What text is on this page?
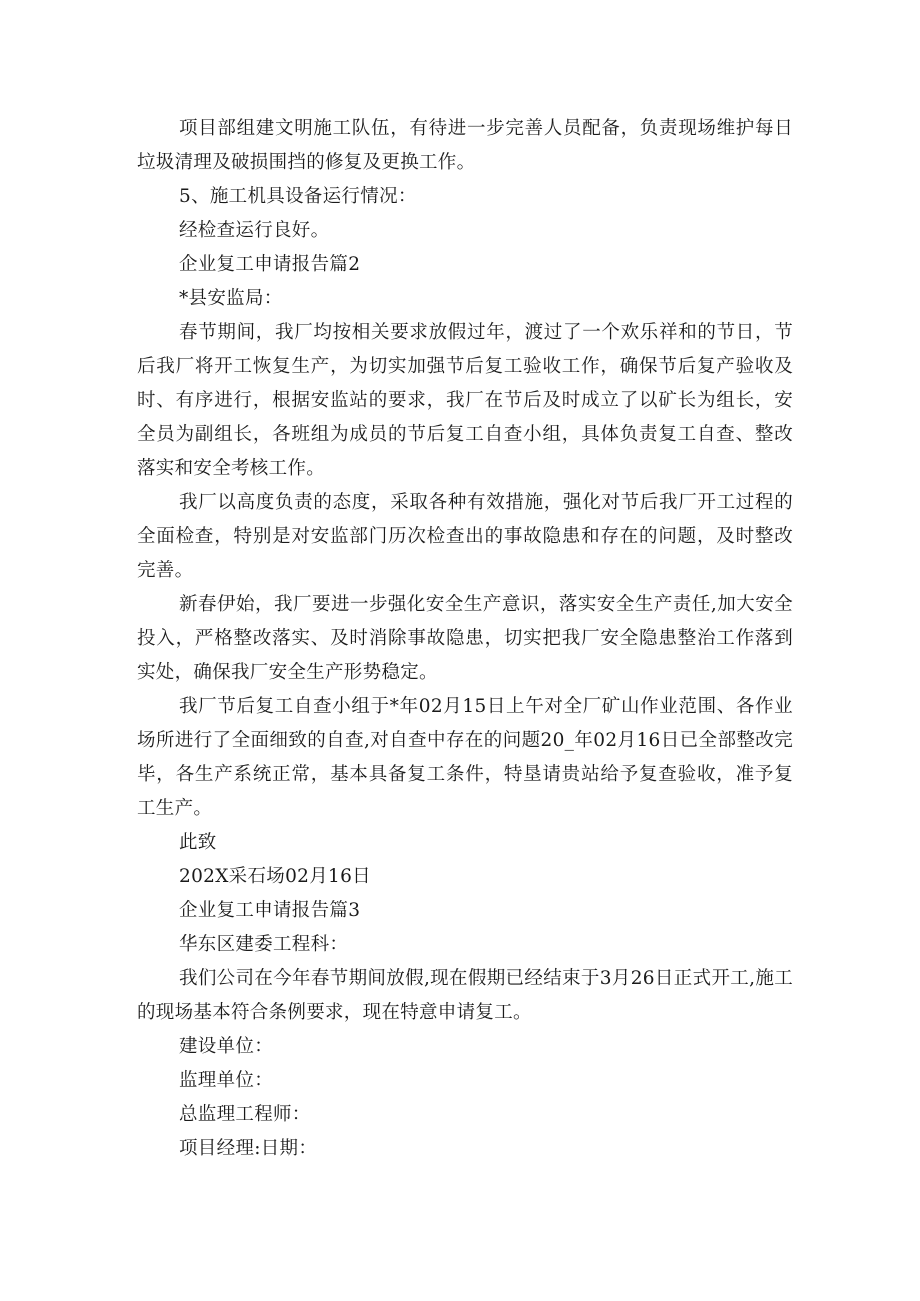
项目部组建文明施工队伍，有待进一步完善人员配备，负责现场维护每日垃圾清理及破损围挡的修复及更换工作。

5、施工机具设备运行情况：
经检查运行良好。
企业复工申请报告篇2
*县安监局：

春节期间，我厂均按相关要求放假过年，渡过了一个欢乐祥和的节日，节后我厂将开工恢复生产，为切实加强节后复工验收工作，确保节后复产验收及时、有序进行，根据安监站的要求，我厂在节后及时成立了以矿长为组长，安全员为副组长，各班组为成员的节后复工自查小组，具体负责复工自查、整改落实和安全考核工作。

我厂以高度负责的态度，采取各种有效措施，强化对节后我厂开工过程的全面检查，特别是对安监部门历次检查出的事故隐患和存在的问题，及时整改完善。

新春伊始，我厂要进一步强化安全生产意识，落实安全生产责任,加大安全投入，严格整改落实、及时消除事故隐患，切实把我厂安全隐患整治工作落到实处，确保我厂安全生产形势稳定。

我厂节后复工自查小组于*年02月15日上午对全厂矿山作业范围、各作业场所进行了全面细致的自查,对自查中存在的问题20_年02月16日已全部整改完毕，各生产系统正常，基本具备复工条件，特垦请贵站给予复查验收，准予复工生产。

此致
202X采石场02月16日
企业复工申请报告篇3
华东区建委工程科：

我们公司在今年春节期间放假,现在假期已经结束于3月26日正式开工,施工的现场基本符合条例要求，现在特意申请复工。

建设单位：
监理单位：
总监理工程师：
项目经理:日期：
